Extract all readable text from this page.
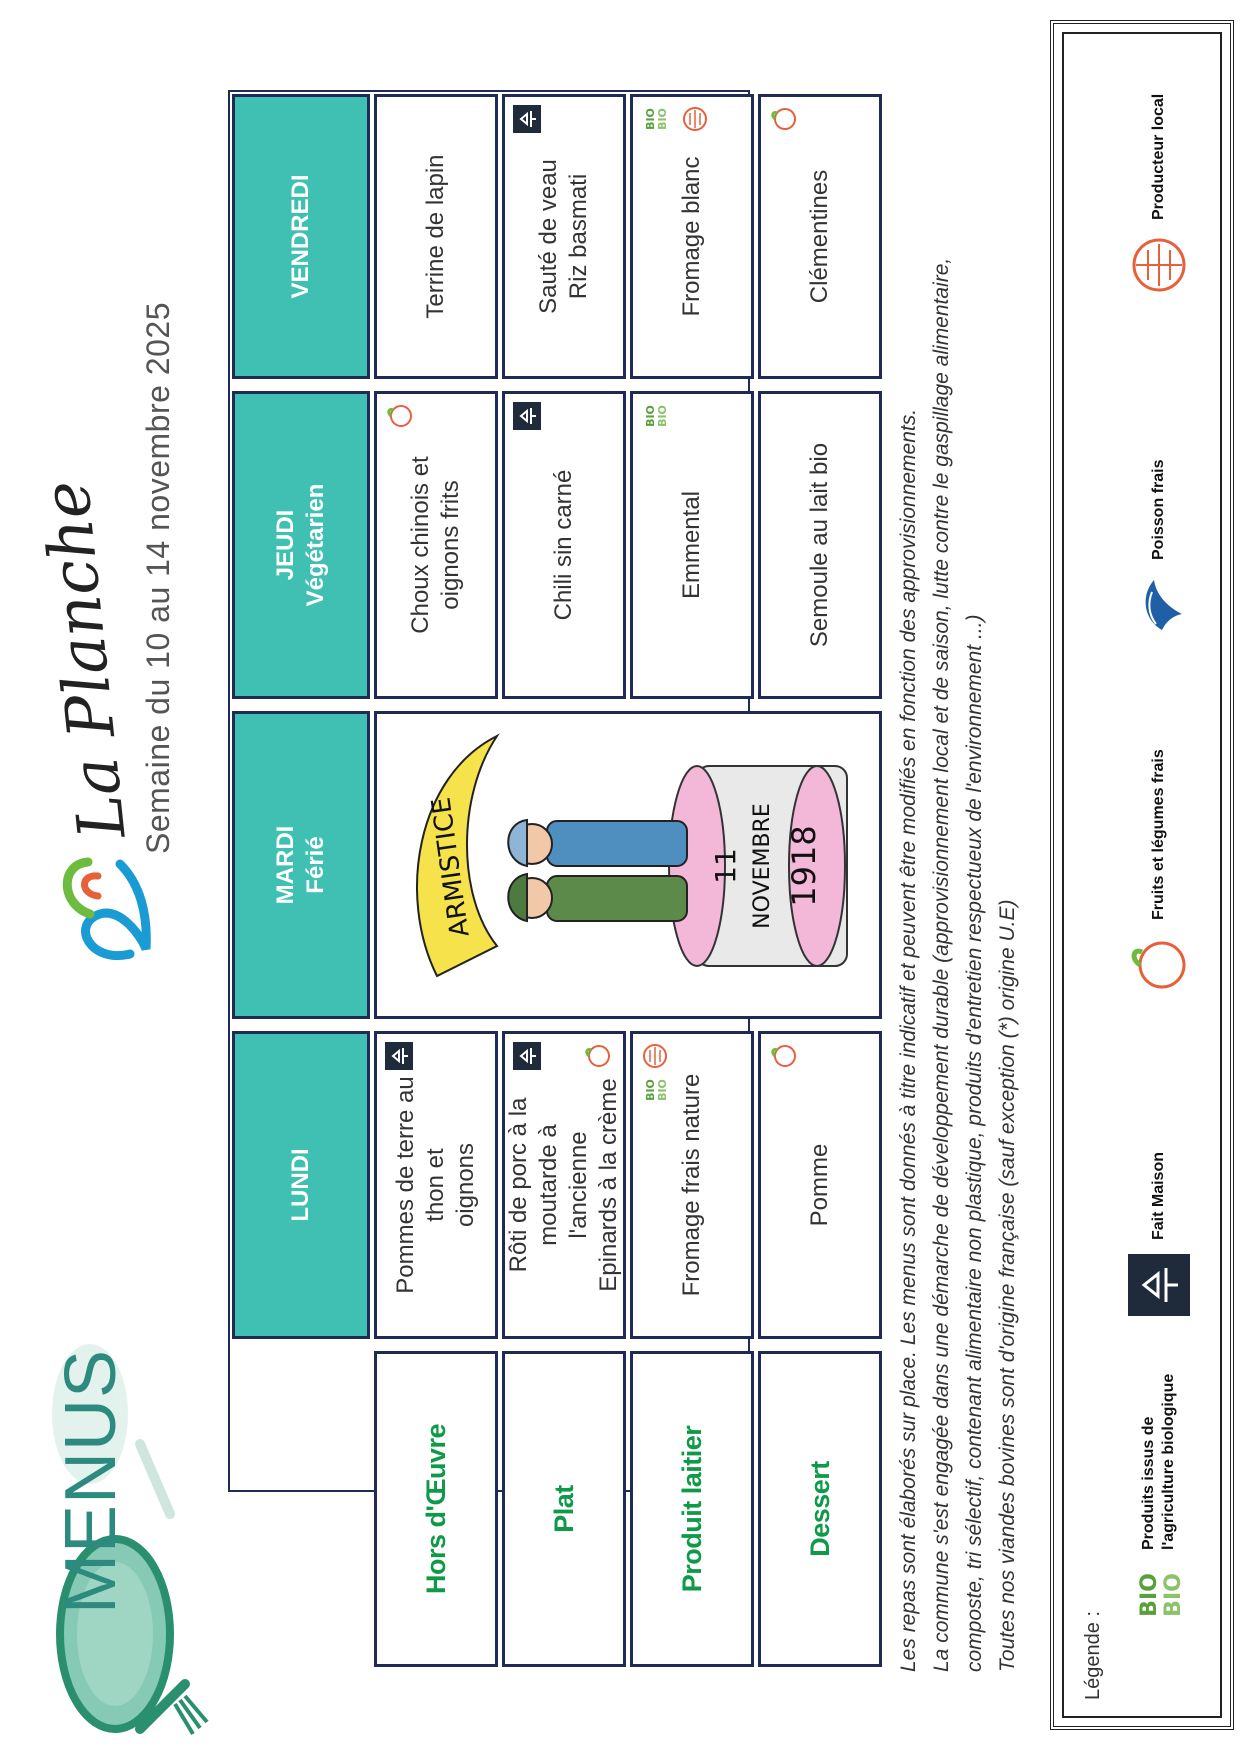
MENUS
La Planche Semaine du 10 au 14 novembre 2025
LUNDI
MARDI Férié
JEUDI Végétarien
VENDREDI
Hors d'Œuvre
Pommes de terre au thon et oignons
Choux chinois et oignons frits
Terrine de lapin
Plat
Rôti de porc à la moutarde à l'ancienne Epinards à la crème
Chili sin carné
Sauté de veau Riz basmati
Produit laitier
Fromage frais nature
BIO BIO
Emmental
BIO BIO
Fromage blanc
BIO BIO
ARMISTICE	11 NOVEMBRE 1918
Dessert
Pomme
Semoule au lait bio
Clémentines

Les repas sont élaborés sur place. Les menus sont donnés à titre indicatif et peuvent être modifiés en fonction des approvisionnements. La commune s'est engagée dans une démarche de développement durable (approvisionnement local et de saison, lutte contre le gaspillage alimentaire, composte, tri sélectif, contenant alimentaire non plastique, produits d'entretien respectueux de l'environnement ...) Toutes nos viandes bovines sont d'origine française (sauf exception (*) origine U.E)	Légende :
BIO BIO
Produits issus de l'agriculture biologique
Fait Maison
Fruits et légumes frais
Poisson frais
Producteur local
